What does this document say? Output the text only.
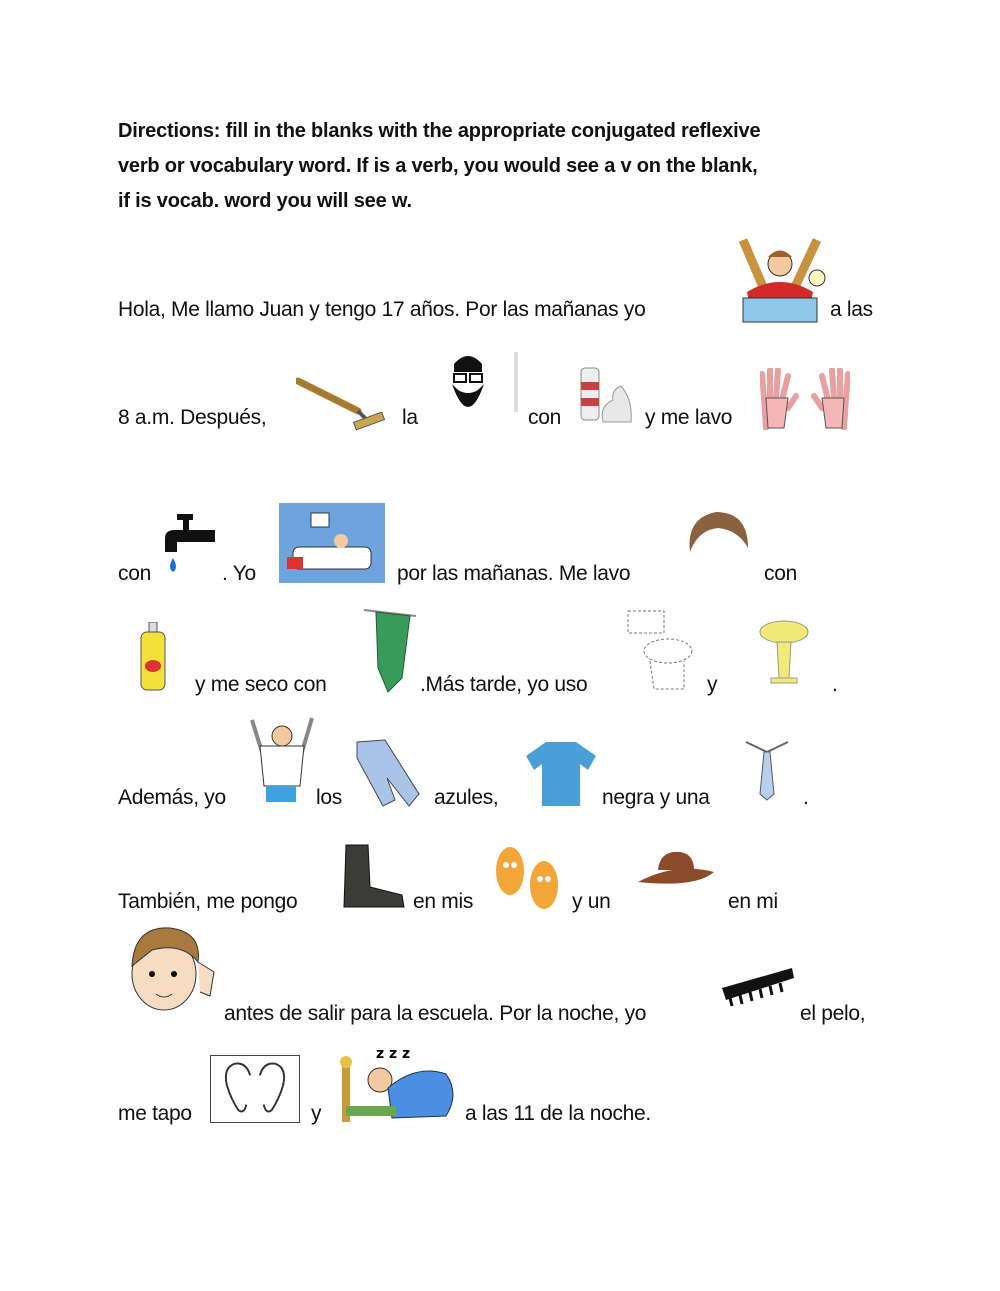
Directions: fill in the blanks with the appropriate conjugated reflexive
verb or vocabulary word. If is a verb, you would see a v on the blank,
if is vocab. word you will see w.
Hola, Me llamo Juan y tengo 17 años. Por las mañanas yo	a las
8 a.m. Después,	la	con	y me lavo
con	. Yo	por las mañanas. Me lavo	con
y me seco con	.Más tarde, yo uso	y	.
Además, yo	los	azules,	negra y una	.
También, me pongo	en mis	y un	en mi
antes de salir para la escuela. Por la noche, yo	el pelo,
me tapo	y
z z z
a las 11 de la noche.
